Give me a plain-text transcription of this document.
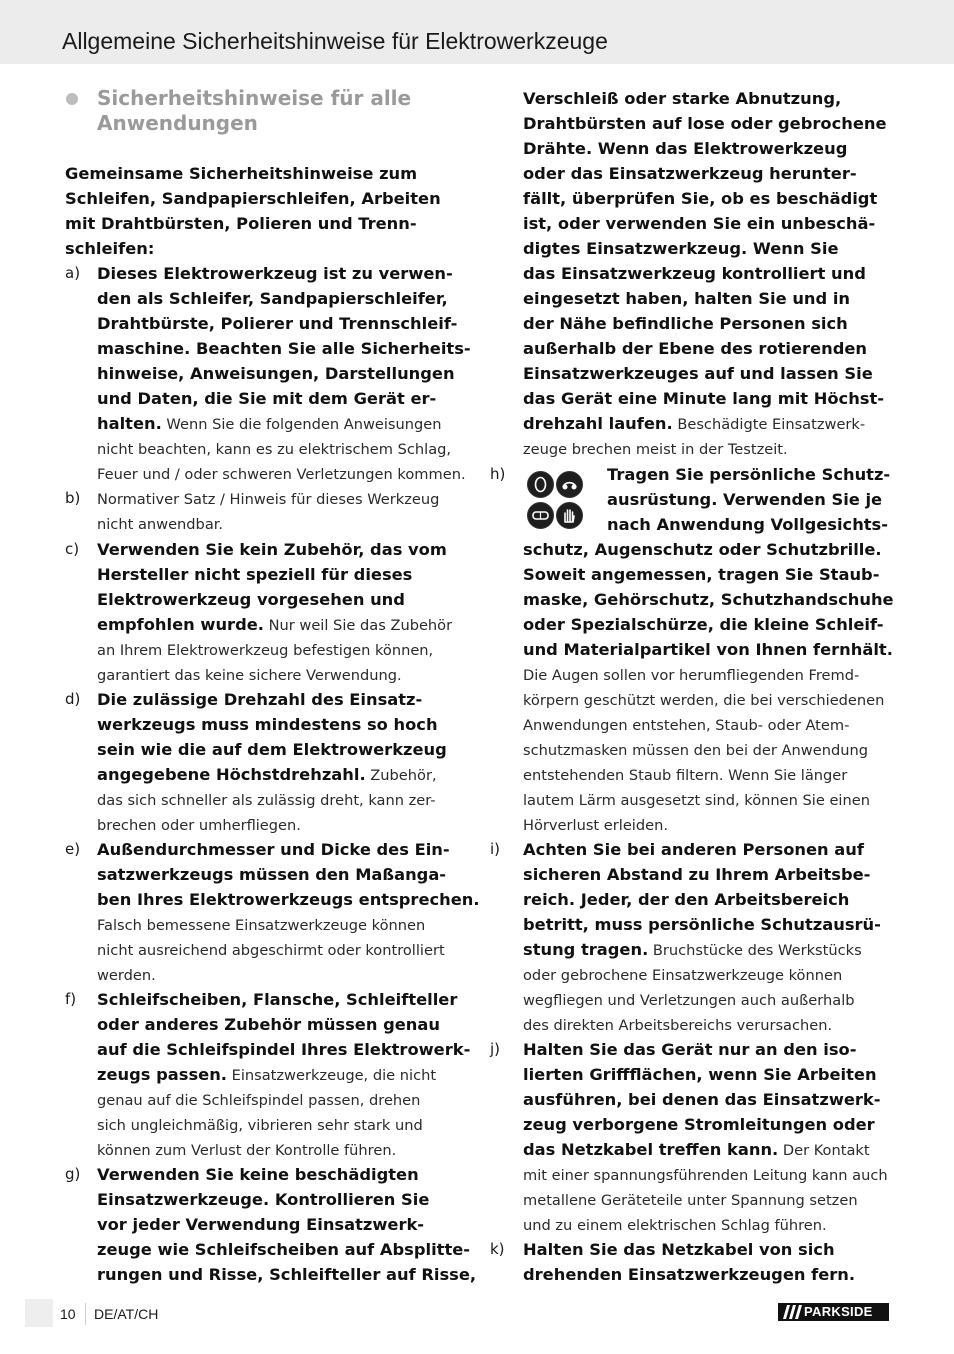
Allgemeine Sicherheitshinweise für Elektrowerkzeuge
Sicherheitshinweise für alle
Anwendungen
Gemeinsame Sicherheitshinweise zum
Schleifen, Sandpapierschleifen, Arbeiten
mit Drahtbürsten, Polieren und Trenn-
schleifen:
a) Dieses Elektrowerkzeug ist zu verwen-
den als Schleifer, Sandpapierschleifer,
Drahtbürste, Polierer und Trennschleif-
maschine. Beachten Sie alle Sicherheits-
hinweise, Anweisungen, Darstellungen
und Daten, die Sie mit dem Gerät er-
halten. Wenn Sie die folgenden Anweisungen
nicht beachten, kann es zu elektrischem Schlag,
Feuer und / oder schweren Verletzungen kommen.
b) Normativer Satz / Hinweis für dieses Werkzeug
nicht anwendbar.
c) Verwenden Sie kein Zubehör, das vom
Hersteller nicht speziell für dieses
Elektrowerkzeug vorgesehen und
empfohlen wurde. Nur weil Sie das Zubehör
an Ihrem Elektrowerkzeug befestigen können,
garantiert das keine sichere Verwendung.
d) Die zulässige Drehzahl des Einsatz-
werkzeugs muss mindestens so hoch
sein wie die auf dem Elektrowerkzeug
angegebene Höchstdrehzahl. Zubehör,
das sich schneller als zulässig dreht, kann zer-
brechen oder umherfliegen.
e) Außendurchmesser und Dicke des Ein-
satzwerkzeugs müssen den Maßanga-
ben Ihres Elektrowerkzeugs entsprechen.
Falsch bemessene Einsatzwerkzeuge können
nicht ausreichend abgeschirmt oder kontrolliert
werden.
f) Schleifscheiben, Flansche, Schleifteller
oder anderes Zubehör müssen genau
auf die Schleifspindel Ihres Elektrowerk-
zeugs passen. Einsatzwerkzeuge, die nicht
genau auf die Schleifspindel passen, drehen
sich ungleichmäßig, vibrieren sehr stark und
können zum Verlust der Kontrolle führen.
g) Verwenden Sie keine beschädigten
Einsatzwerkzeuge. Kontrollieren Sie
vor jeder Verwendung Einsatzwerk-
zeuge wie Schleifscheiben auf Absplitte-
rungen und Risse, Schleifteller auf Risse,
Verschleiß oder starke Abnutzung,
Drahtbürsten auf lose oder gebrochene
Drähte. Wenn das Elektrowerkzeug
oder das Einsatzwerkzeug herunter-
fällt, überprüfen Sie, ob es beschädigt
ist, oder verwenden Sie ein unbeschä-
digtes Einsatzwerkzeug. Wenn Sie
das Einsatzwerkzeug kontrolliert und
eingesetzt haben, halten Sie und in
der Nähe befindliche Personen sich
außerhalb der Ebene des rotierenden
Einsatzwerkzeuges auf und lassen Sie
das Gerät eine Minute lang mit Höchst-
drehzahl laufen. Beschädigte Einsatzwerk-
zeuge brechen meist in der Testzeit.
h)	Tragen Sie persönliche Schutz-
ausrüstung. Verwenden Sie je
nach Anwendung Vollgesichts-
schutz, Augenschutz oder Schutzbrille.
Soweit angemessen, tragen Sie Staub-
maske, Gehörschutz, Schutzhandschuhe
oder Spezialschürze, die kleine Schleif-
und Materialpartikel von Ihnen fernhält.
Die Augen sollen vor herumfliegenden Fremd-
körpern geschützt werden, die bei verschiedenen
Anwendungen entstehen, Staub- oder Atem-
schutzmasken müssen den bei der Anwendung
entstehenden Staub filtern. Wenn Sie länger
lautem Lärm ausgesetzt sind, können Sie einen
Hörverlust erleiden.
i) Achten Sie bei anderen Personen auf
sicheren Abstand zu Ihrem Arbeitsbe-
reich. Jeder, der den Arbeitsbereich
betritt, muss persönliche Schutzausrü-
stung tragen. Bruchstücke des Werkstücks
oder gebrochene Einsatzwerkzeuge können
wegfliegen und Verletzungen auch außerhalb
des direkten Arbeitsbereichs verursachen.
j) Halten Sie das Gerät nur an den iso-
lierten Griffflächen, wenn Sie Arbeiten
ausführen, bei denen das Einsatzwerk-
zeug verborgene Stromleitungen oder
das Netzkabel treffen kann. Der Kontakt
mit einer spannungsführenden Leitung kann auch
metallene Geräteteile unter Spannung setzen
und zu einem elektrischen Schlag führen.
k) Halten Sie das Netzkabel von sich
drehenden Einsatzwerkzeugen fern.
10 DE/AT/CH	PARKSIDE
